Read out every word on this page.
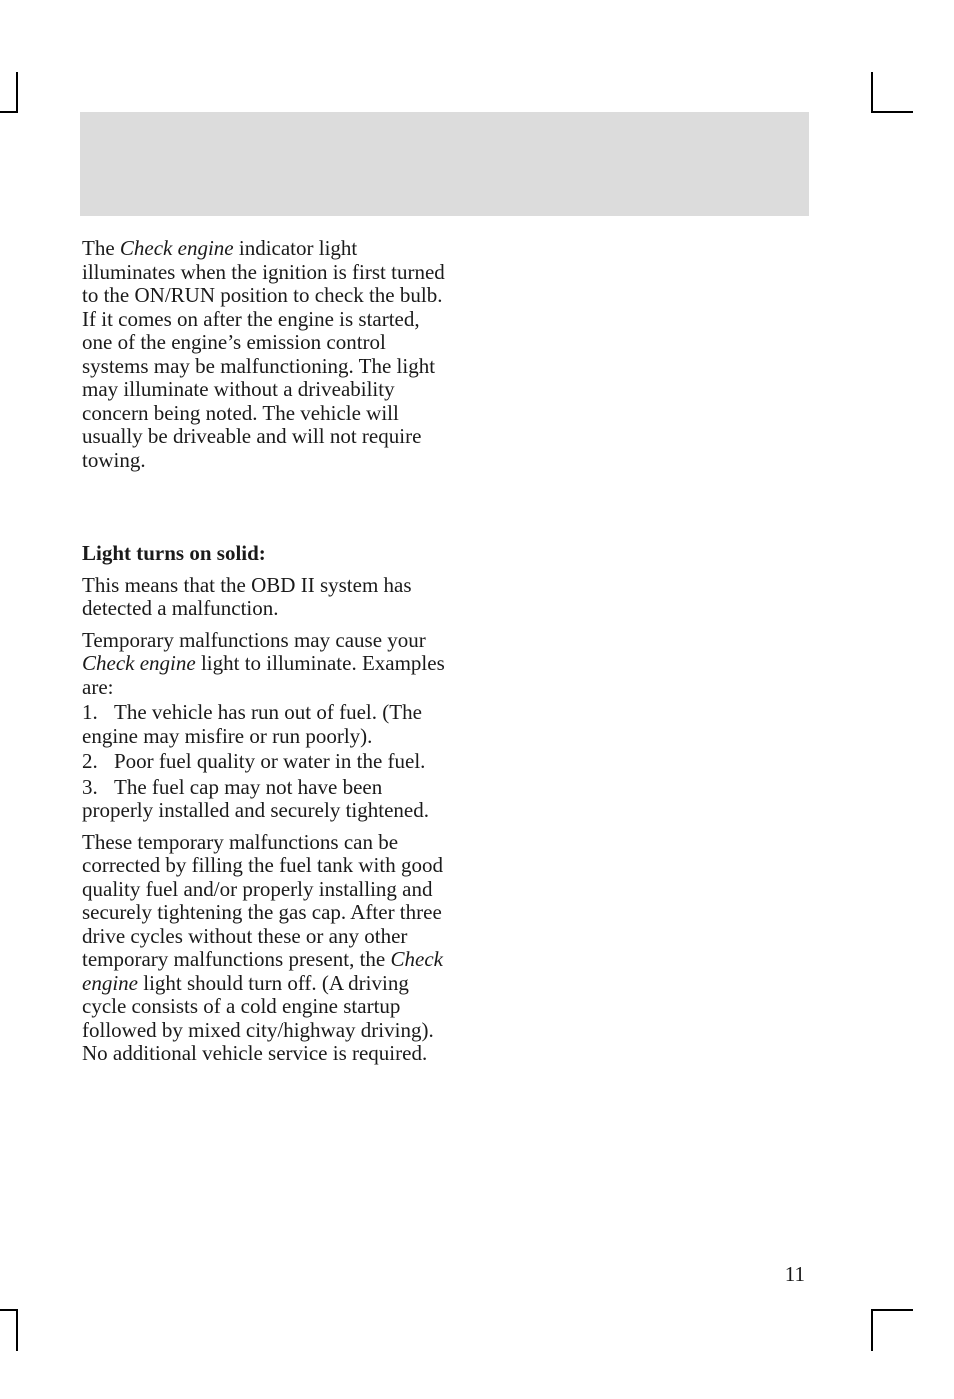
The Check engine indicator light illuminates when the ignition is first turned to the ON/RUN position to check the bulb. If it comes on after the engine is started, one of the engine’s emission control systems may be malfunctioning. The light may illuminate without a driveability concern being noted. The vehicle will usually be driveable and will not require towing.

Light turns on solid:

This means that the OBD II system has detected a malfunction.

Temporary malfunctions may cause your Check engine light to illuminate. Examples are:

1. The vehicle has run out of fuel. (The engine may misfire or run poorly).

2. Poor fuel quality or water in the fuel.

3. The fuel cap may not have been properly installed and securely tightened.

These temporary malfunctions can be corrected by filling the fuel tank with good quality fuel and/or properly installing and securely tightening the gas cap. After three drive cycles without these or any other temporary malfunctions present, the Check engine light should turn off. (A driving cycle consists of a cold engine startup followed by mixed city/highway driving). No additional vehicle service is required.

11
